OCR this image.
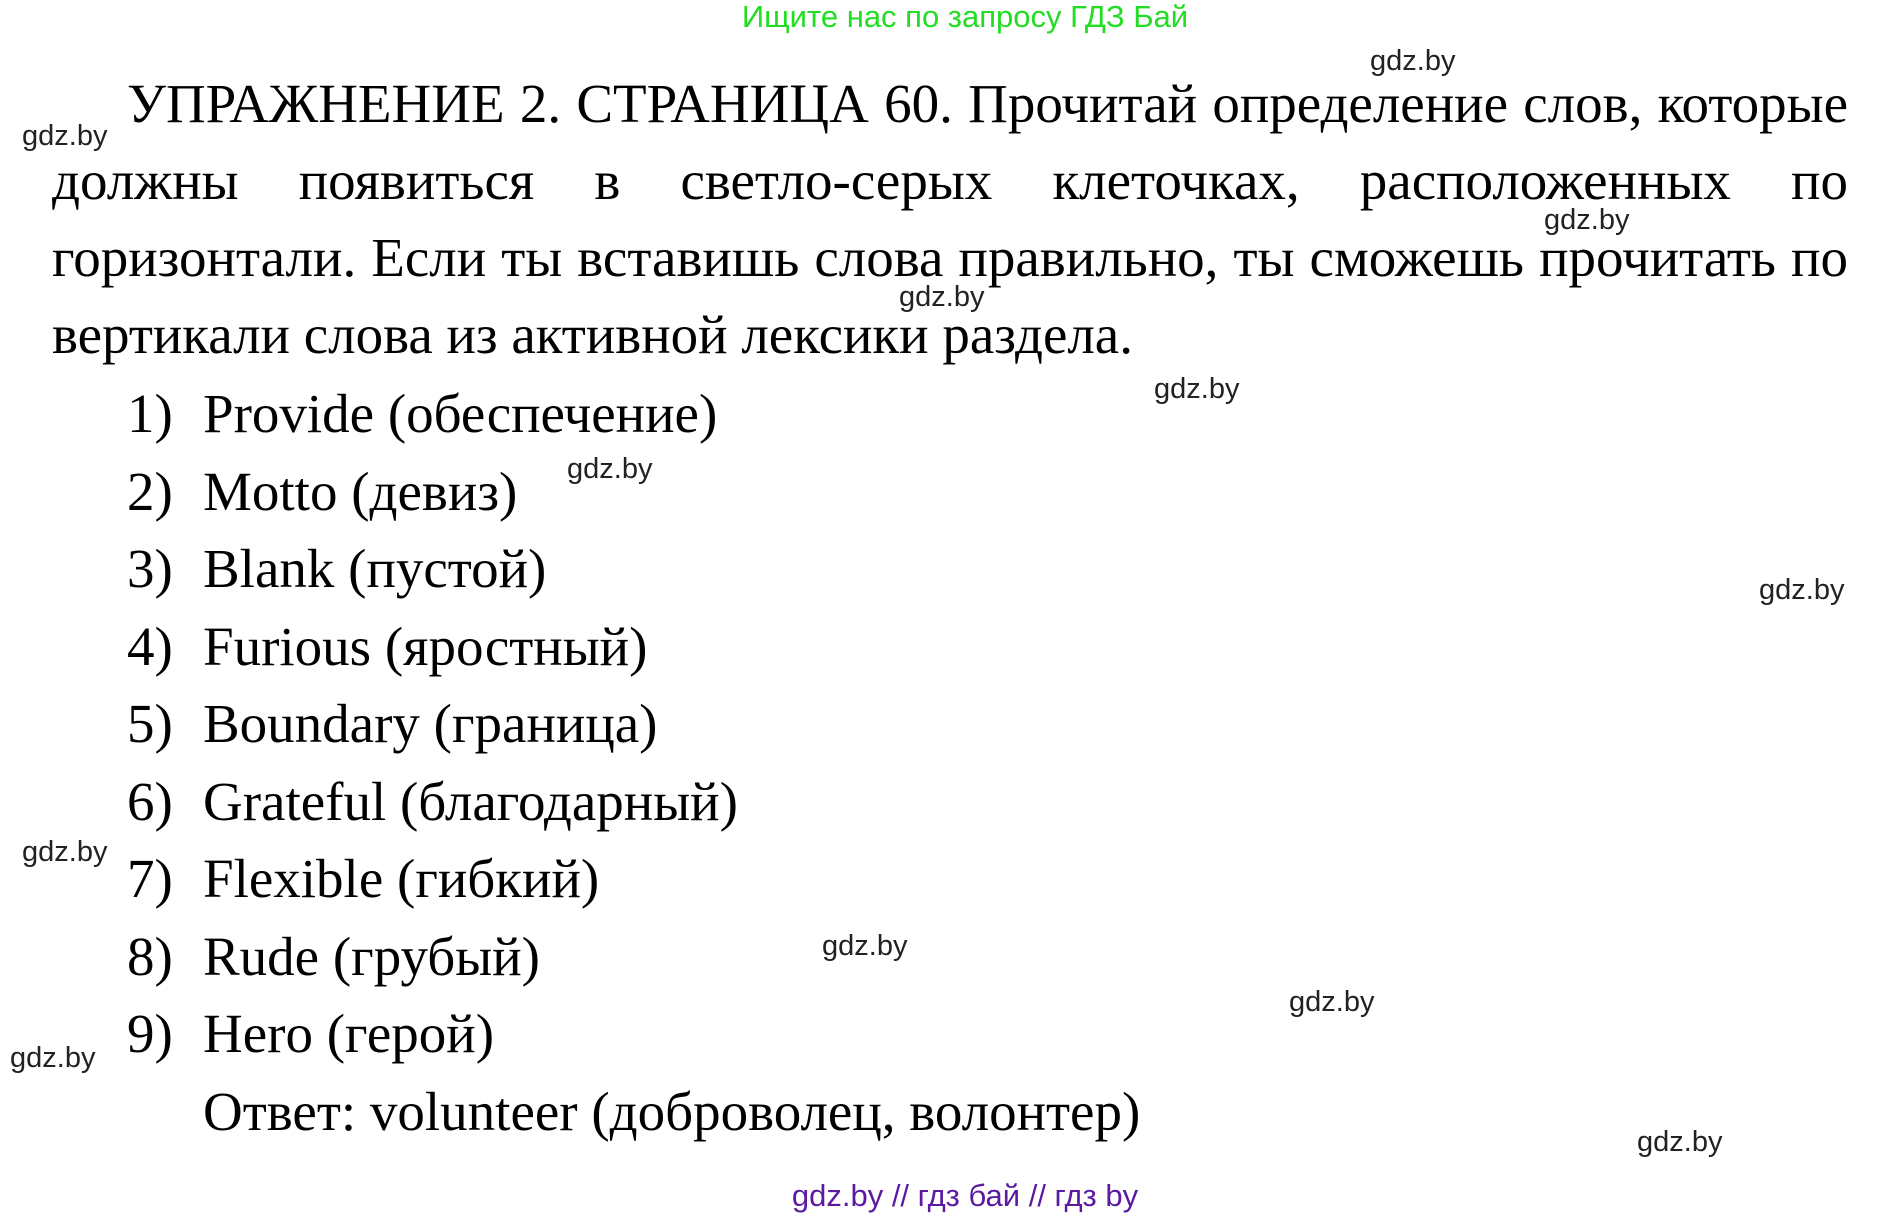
Ищите нас по запросу ГДЗ Бай

УПРАЖНЕНИЕ 2. СТРАНИЦА 60. Прочитай определение слов, которые должны появиться в светло-серых клеточках, расположенных по горизонтали. Если ты вставишь слова правильно, ты сможешь прочитать по вертикали слова из активной лексики раздела.

1) Provide (обеспечение)
2) Motto (девиз)
3) Blank (пустой)
4) Furious (яростный)
5) Boundary (граница)
6) Grateful (благодарный)
7) Flexible (гибкий)
8) Rude (грубый)
9) Hero (герой)
Ответ: volunteer (доброволец, волонтер)
gdz.by
gdz.by
gdz.by
gdz.by
gdz.by
gdz.by
gdz.by
gdz.by
gdz.by
gdz.by
gdz.by
gdz.by
gdz.by // гдз бай // гдз by
